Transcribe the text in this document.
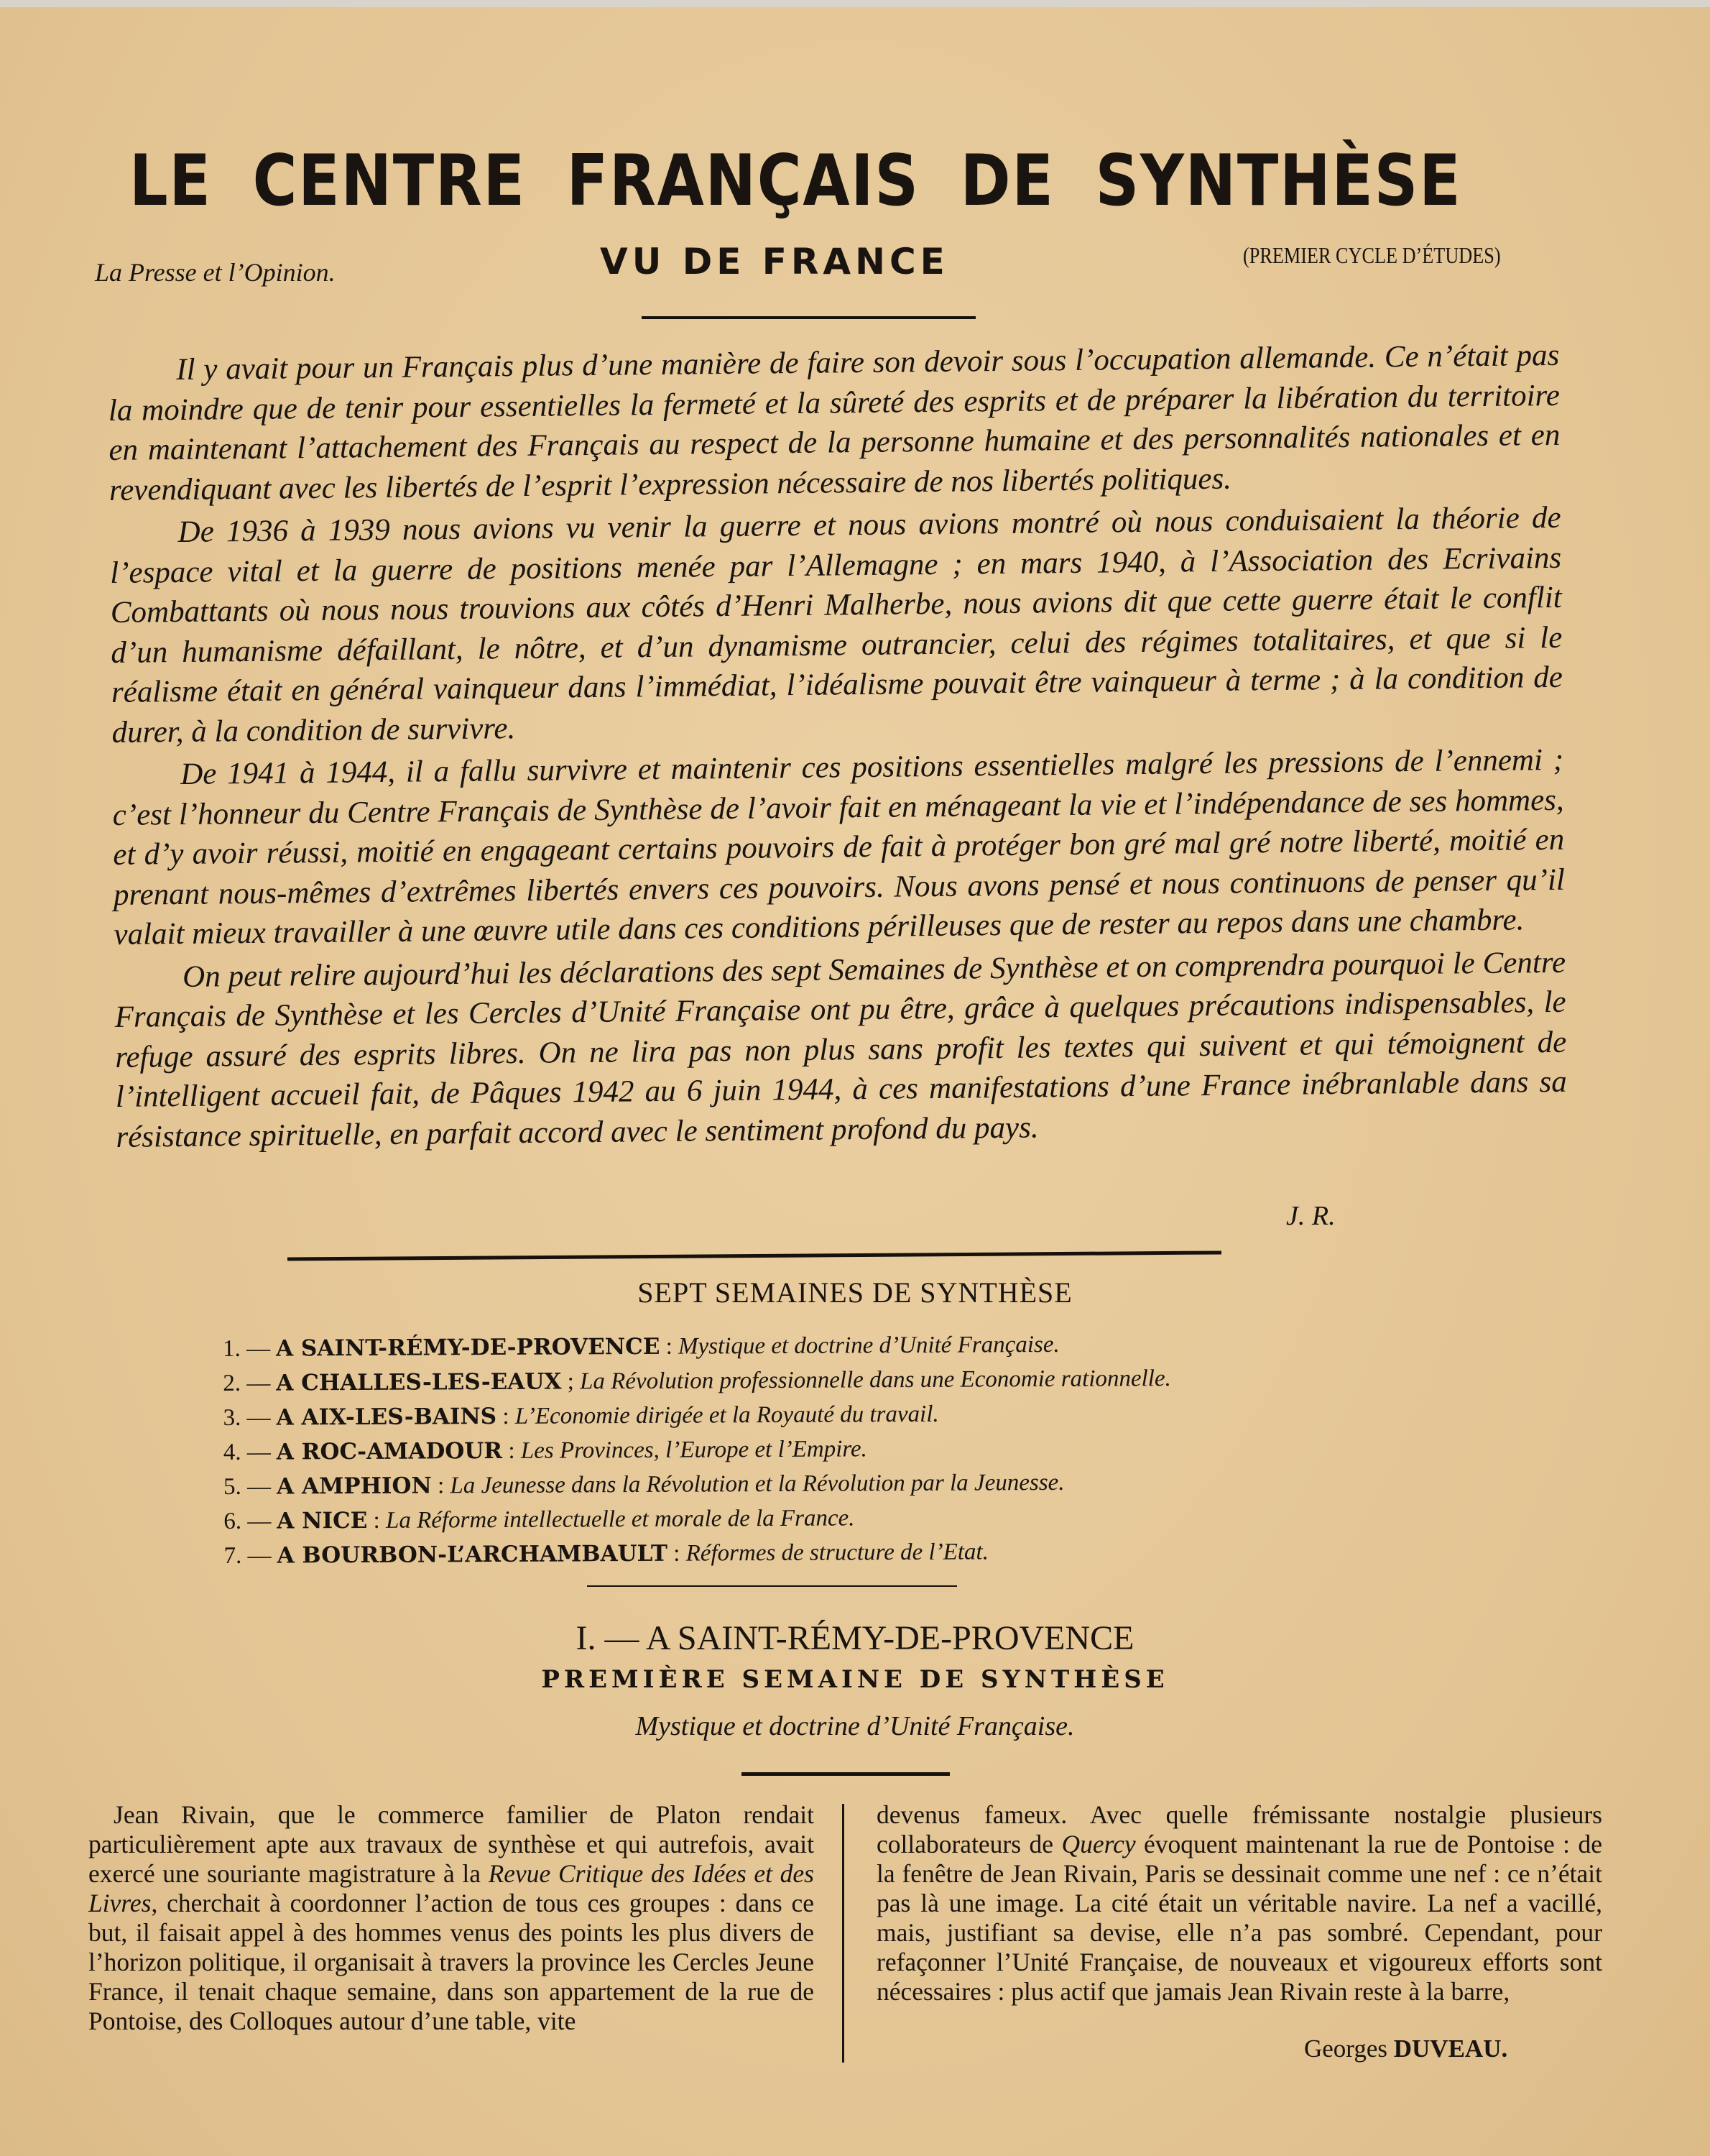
LE CENTRE FRANÇAIS DE SYNTHÈSE
La Presse et l’Opinion.	VU DE FRANCE	(PREMIER CYCLE D’ÉTUDES)

Il y avait pour un Français plus d’une manière de faire son devoir sous l’occupation allemande. Ce n’était pas la moindre que de tenir pour essentielles la fermeté et la sûreté des esprits et de préparer la libération du territoire en maintenant l’attachement des Français au respect de la personne humaine et des personnalités nationales et en revendiquant avec les libertés de l’esprit l’expression nécessaire de nos libertés politiques.

De 1936 à 1939 nous avions vu venir la guerre et nous avions montré où nous conduisaient la théorie de l’espace vital et la guerre de positions menée par l’Allemagne ; en mars 1940, à l’Association des Ecrivains Combattants où nous nous trouvions aux côtés d’Henri Malherbe, nous avions dit que cette guerre était le conflit d’un humanisme défaillant, le nôtre, et d’un dynamisme outrancier, celui des régimes totalitaires, et que si le réalisme était en général vainqueur dans l’immédiat, l’idéalisme pouvait être vainqueur à terme ; à la condition de durer, à la condition de survivre.

De 1941 à 1944, il a fallu survivre et maintenir ces positions essentielles malgré les pressions de l’ennemi ; c’est l’honneur du Centre Français de Synthèse de l’avoir fait en ménageant la vie et l’indépendance de ses hommes, et d’y avoir réussi, moitié en engageant certains pouvoirs de fait à protéger bon gré mal gré notre liberté, moitié en prenant nous-mêmes d’extrêmes libertés envers ces pouvoirs. Nous avons pensé et nous continuons de penser qu’il valait mieux travailler à une œuvre utile dans ces conditions périlleuses que de rester au repos dans une chambre.

On peut relire aujourd’hui les déclarations des sept Semaines de Synthèse et on comprendra pourquoi le Centre Français de Synthèse et les Cercles d’Unité Française ont pu être, grâce à quelques précautions indispensables, le refuge assuré des esprits libres. On ne lira pas non plus sans profit les textes qui suivent et qui témoignent de l’intelligent accueil fait, de Pâques 1942 au 6 juin 1944, à ces manifestations d’une France inébranlable dans sa résistance spirituelle, en parfait accord avec le sentiment profond du pays.

J. R.
SEPT SEMAINES DE SYNTHÈSE
1. — A SAINT-RÉMY-DE-PROVENCE : Mystique et doctrine d’Unité Française.
2. — A CHALLES-LES-EAUX ; La Révolution professionnelle dans une Economie rationnelle.
3. — A AIX-LES-BAINS : L’Economie dirigée et la Royauté du travail.
4. — A ROC-AMADOUR : Les Provinces, l’Europe et l’Empire.
5. — A AMPHION : La Jeunesse dans la Révolution et la Révolution par la Jeunesse.
6. — A NICE : La Réforme intellectuelle et morale de la France.
7. — A BOURBON-L’ARCHAMBAULT : Réformes de structure de l’Etat.
I. — A SAINT-RÉMY-DE-PROVENCE
PREMIÈRE SEMAINE DE SYNTHÈSE
Mystique et doctrine d’Unité Française.

Jean Rivain, que le commerce familier de Platon rendait particulièrement apte aux travaux de synthèse et qui autrefois, avait exercé une souriante magistrature à la Revue Critique des Idées et des Livres, cherchait à coordonner l’action de tous ces groupes : dans ce but, il faisait appel à des hommes venus des points les plus divers de l’horizon politique, il organisait à travers la province les Cercles Jeune France, il tenait chaque semaine, dans son appartement de la rue de Pontoise, des Colloques autour d’une table, vite

devenus fameux. Avec quelle frémissante nostalgie plusieurs collaborateurs de Quercy évoquent maintenant la rue de Pontoise : de la fenêtre de Jean Rivain, Paris se dessinait comme une nef : ce n’était pas là une image. La cité était un véritable navire. La nef a vacillé, mais, justifiant sa devise, elle n’a pas sombré. Cependant, pour refaçonner l’Unité Française, de nouveaux et vigoureux efforts sont nécessaires : plus actif que jamais Jean Rivain reste à la barre,

Georges DUVEAU.
